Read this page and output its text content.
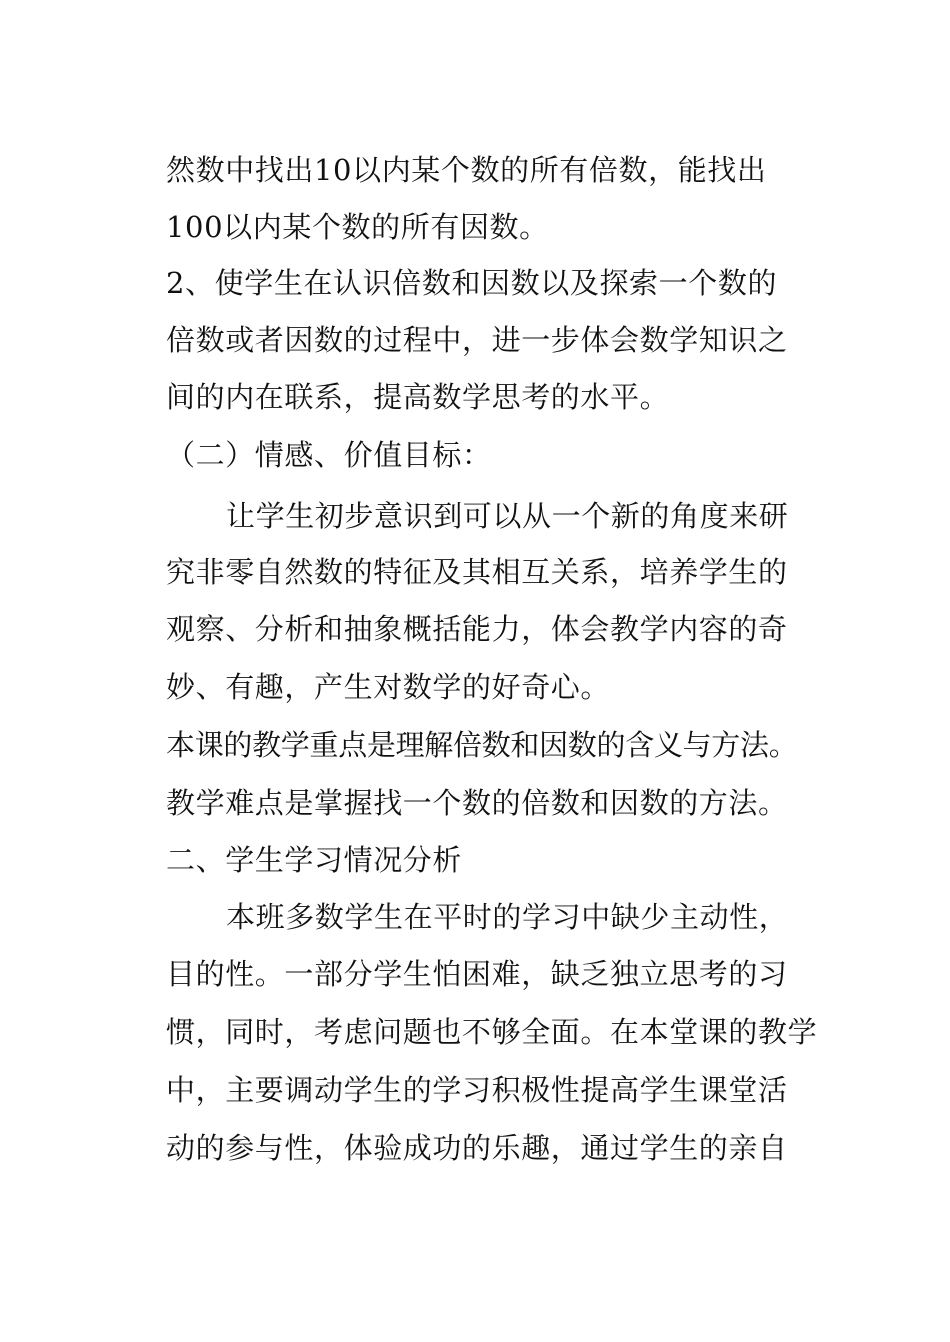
然数中找出10以内某个数的所有倍数，能找出
100以内某个数的所有因数。
2、使学生在认识倍数和因数以及探索一个数的
倍数或者因数的过程中，进一步体会数学知识之
间的内在联系，提高数学思考的水平。
（二）情感、价值目标：
让学生初步意识到可以从一个新的角度来研
究非零自然数的特征及其相互关系，培养学生的
观察、分析和抽象概括能力，体会教学内容的奇
妙、有趣，产生对数学的好奇心。
本课的教学重点是理解倍数和因数的含义与方法。
教学难点是掌握找一个数的倍数和因数的方法。
二、学生学习情况分析
本班多数学生在平时的学习中缺少主动性，
目的性。一部分学生怕困难，缺乏独立思考的习
惯，同时，考虑问题也不够全面。在本堂课的教学
中，主要调动学生的学习积极性提高学生课堂活
动的参与性，体验成功的乐趣，通过学生的亲自
